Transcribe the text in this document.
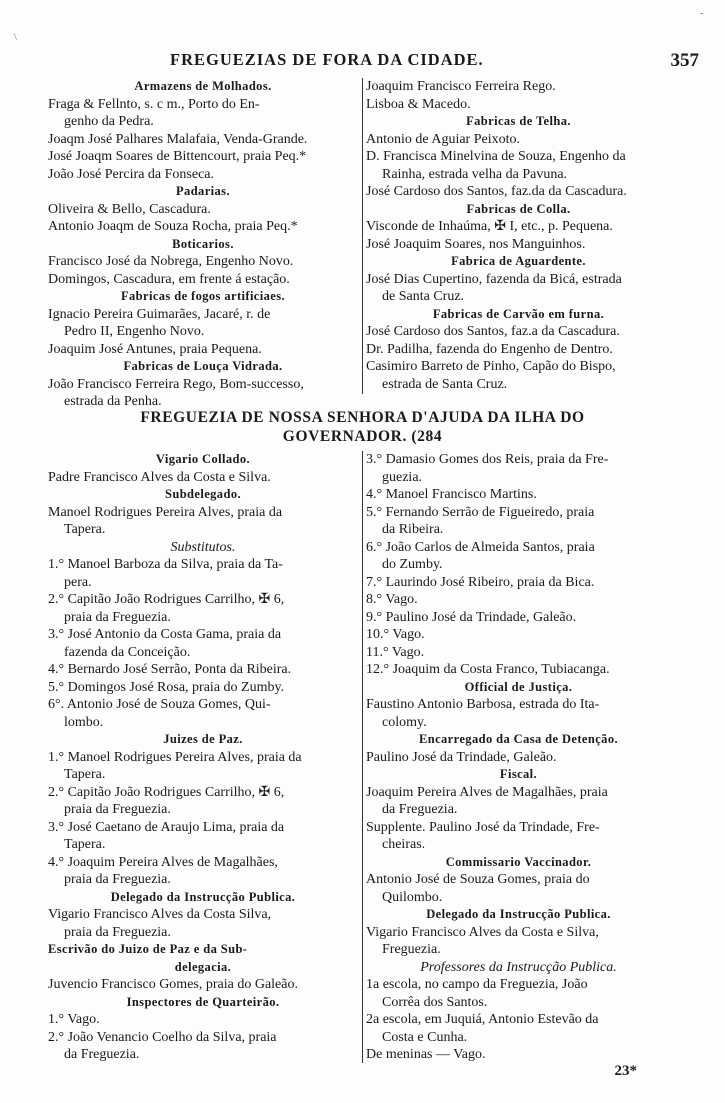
FREGUEZIAS DE FORA DA CIDADE.	357
Armazens de Molhados.
Fraga & Fellnto, s. c m., Porto do En-
genho da Pedra.
Joaqm José Palhares Malafaia, Venda-Grande.
José Joaqm Soares de Bittencourt, praia Peq.*
João José Percira da Fonseca.
Padarias.
Oliveira & Bello, Cascadura.
Antonio Joaqm de Souza Rocha, praia Peq.*
Boticarios.
Francisco José da Nobrega, Engenho Novo.
Domingos, Cascadura, em frente á estação.
Fabricas de fogos artificiaes.
Ignacio Pereira Guimarães, Jacaré, r. de
Pedro II, Engenho Novo.
Joaquim José Antunes, praia Pequena.
Fabricas de Louça Vidrada.
João Francisco Ferreira Rego, Bom-successo,
estrada da Penha.
Joaquim Francisco Ferreira Rego.
Lisboa & Macedo.
Fabricas de Telha.
Antonio de Aguiar Peixoto.
D. Francisca Minelvina de Souza, Engenho da
Rainha, estrada velha da Pavuna.
José Cardoso dos Santos, faz.da da Cascadura.
Fabricas de Colla.
Visconde de Inhaúma, ✠ I, etc., p. Pequena.
José Joaquim Soares, nos Manguinhos.
Fabrica de Aguardente.
José Dias Cupertino, fazenda da Bicá, estrada
de Santa Cruz.
Fabricas de Carvão em furna.
José Cardoso dos Santos, faz.a da Cascadura.
Dr. Padilha, fazenda do Engenho de Dentro.
Casimiro Barreto de Pinho, Capão do Bispo,
estrada de Santa Cruz.
FREGUEZIA DE NOSSA SENHORA D'AJUDA DA ILHA DO
GOVERNADOR. (284
Vigario Collado.
Padre Francisco Alves da Costa e Silva.
Subdelegado.
Manoel Rodrigues Pereira Alves, praia da
Tapera.
Substitutos.
1.° Manoel Barboza da Silva, praia da Ta-
pera.
2.° Capitão João Rodrigues Carrilho, ✠ 6,
praia da Freguezia.
3.° José Antonio da Costa Gama, praia da
fazenda da Conceição.
4.° Bernardo José Serrão, Ponta da Ribeira.
5.° Domingos José Rosa, praia do Zumby.
6°. Antonio José de Souza Gomes, Qui-
lombo.
Juizes de Paz.
1.° Manoel Rodrigues Pereira Alves, praia da
Tapera.
2.° Capitão João Rodrigues Carrilho, ✠ 6,
praia da Freguezia.
3.° José Caetano de Araujo Lima, praia da
Tapera.
4.° Joaquim Pereira Alves de Magalhães,
praia da Freguezia.
Delegado da Instrucção Publica.
Vigario Francisco Alves da Costa Silva,
praia da Freguezia.
Escrivão do Juizo de Paz e da Sub-
delegacia.
Juvencio Francisco Gomes, praia do Galeão.
Inspectores de Quarteirão.
1.° Vago.
2.° João Venancio Coelho da Silva, praia
da Freguezia.
3.° Damasio Gomes dos Reis, praia da Fre-
guezia.
4.° Manoel Francisco Martins.
5.° Fernando Serrão de Figueiredo, praia
da Ribeira.
6.° João Carlos de Almeida Santos, praia
do Zumby.
7.° Laurindo José Ribeiro, praia da Bica.
8.° Vago.
9.° Paulino José da Trindade, Galeão.
10.° Vago.
11.° Vago.
12.° Joaquim da Costa Franco, Tubiacanga.
Official de Justiça.
Faustino Antonio Barbosa, estrada do Ita-
colomy.
Encarregado da Casa de Detenção.
Paulino José da Trindade, Galeão.
Fiscal.
Joaquim Pereira Alves de Magalhães, praia
da Freguezia.
Supplente. Paulino José da Trindade, Fre-
cheiras.
Commissario Vaccinador.
Antonio José de Souza Gomes, praia do
Quilombo.
Delegado da Instrucção Publica.
Vigario Francisco Alves da Costa e Silva,
Freguezia.
Professores da Instrucção Publica.
1a escola, no campo da Freguezia, João
Corrêa dos Santos.
2a escola, em Juquiá, Antonio Estevão da
Costa e Cunha.
De meninas — Vago.
23*
\
-
